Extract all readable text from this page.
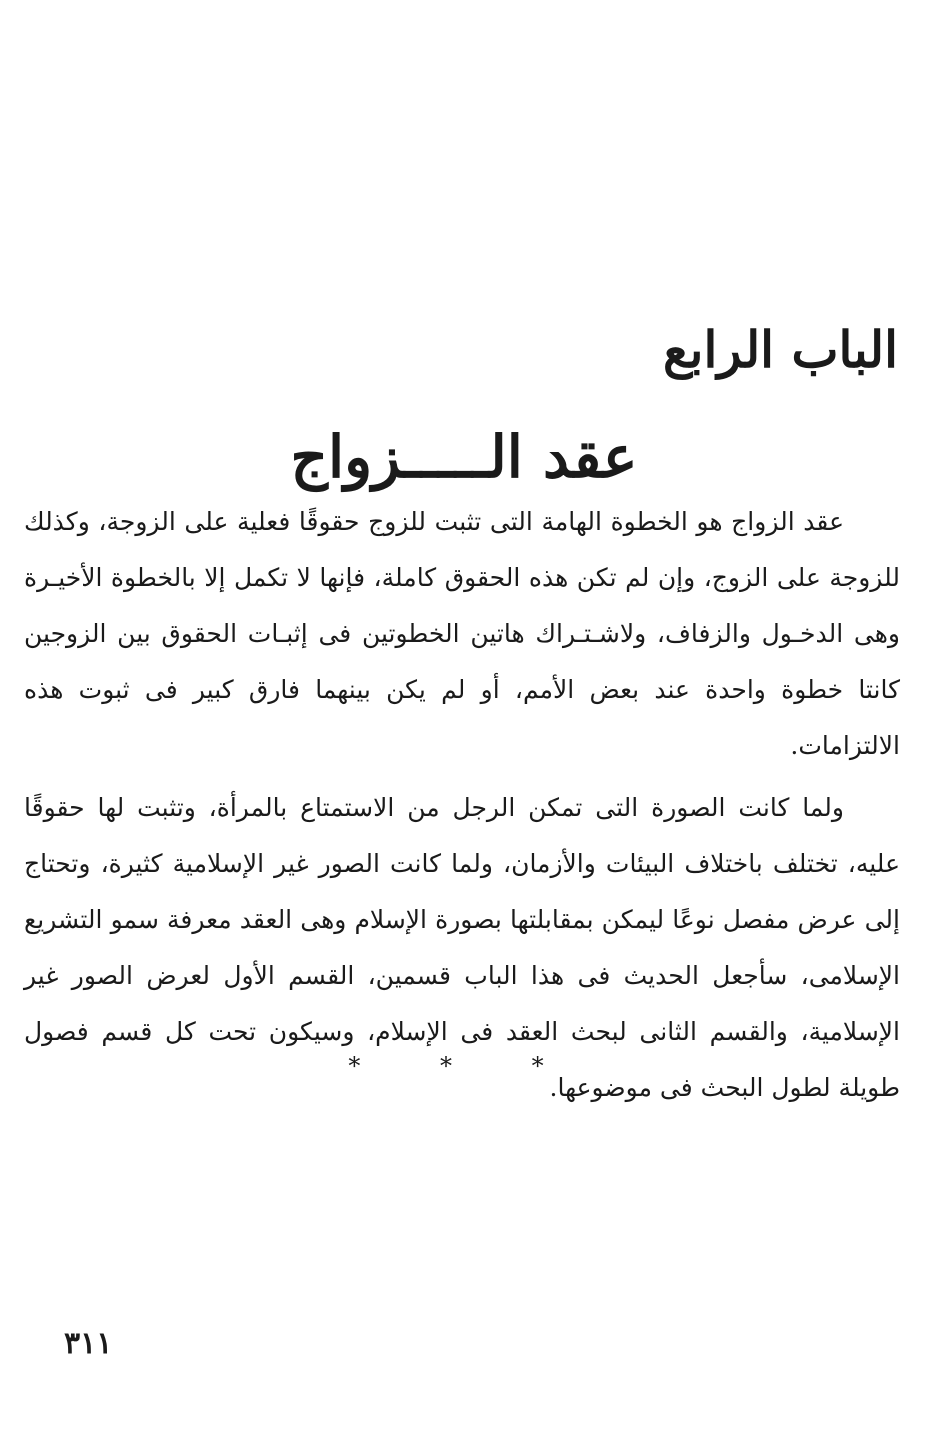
الباب الرابع
عقد الـــــزواج

عقد الزواج هو الخطوة الهامة التى تثبت للزوج حقوقًا فعلية على الزوجة، وكذلك للزوجة على الزوج، وإن لم تكن هذه الحقوق كاملة، فإنها لا تكمل إلا بالخطوة الأخيـرة وهى الدخـول والزفاف، ولاشـتـراك هاتين الخطوتين فى إثبـات الحقوق بين الزوجين كانتا خطوة واحدة عند بعض الأمم، أو لم يكن بينهما فارق كبير فى ثبوت هذه الالتزامات.

ولما كانت الصورة التى تمكن الرجل من الاستمتاع بالمرأة، وتثبت لها حقوقًا عليه، تختلف باختلاف البيئات والأزمان، ولما كانت الصور غير الإسلامية كثيرة، وتحتاج إلى عرض مفصل نوعًا ليمكن بمقابلتها بصورة الإسلام وهى العقد معرفة سمو التشريع الإسلامى، سأجعل الحديث فى هذا الباب قسمين، القسم الأول لعرض الصور غير الإسلامية، والقسم الثانى لبحث العقد فى الإسلام، وسيكون تحت كل قسم فصول طويلة لطول البحث فى موضوعها.

* * *
٣١١
